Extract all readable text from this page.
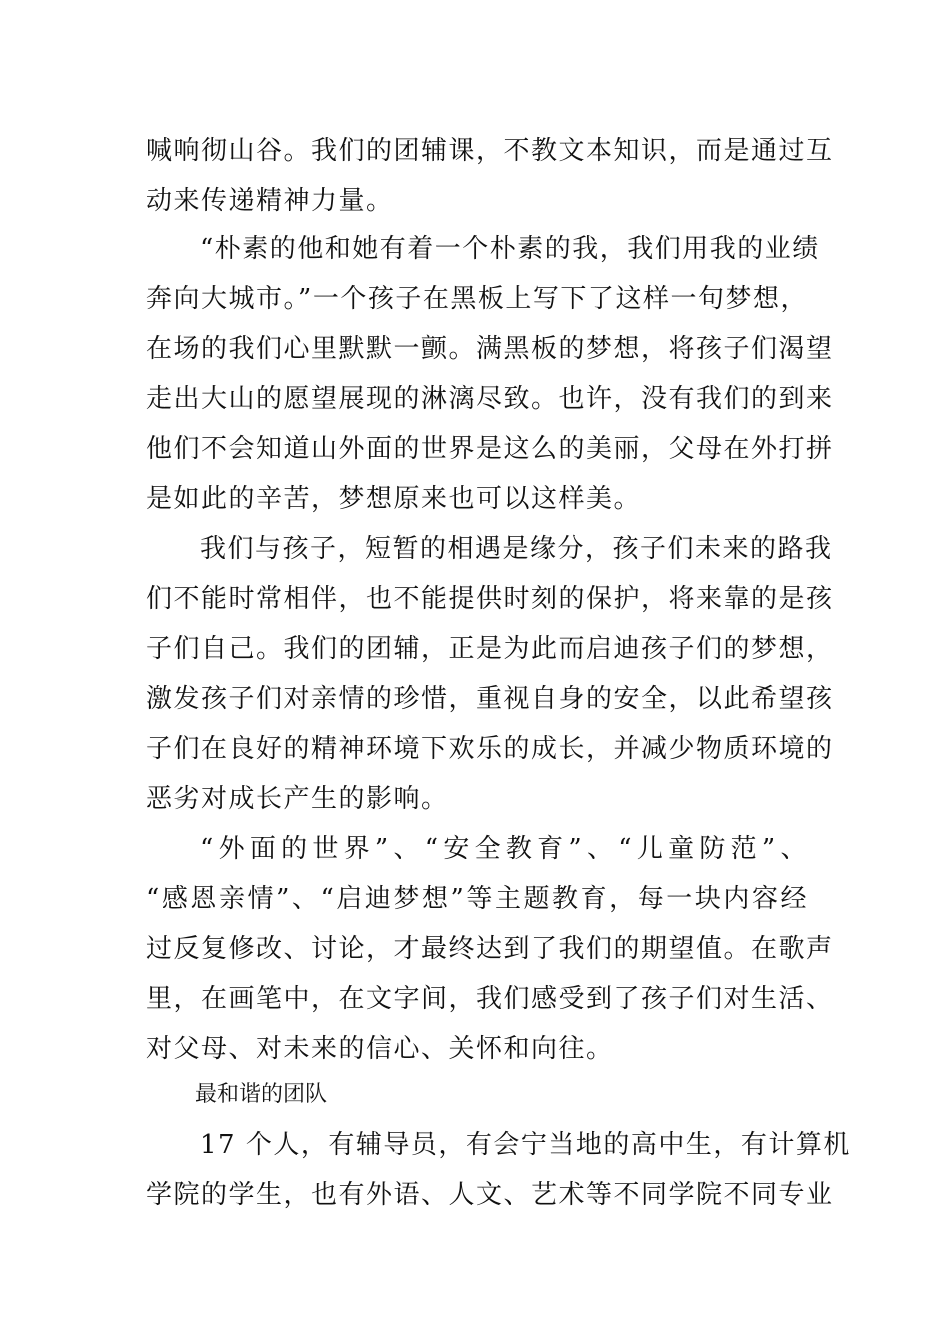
喊响彻山谷。我们的团辅课，不教文本知识，而是通过互
动来传递精神力量。
“朴素的他和她有着一个朴素的我，我们用我的业绩
奔向大城市。”一个孩子在黑板上写下了这样一句梦想，
在场的我们心里默默一颤。满黑板的梦想，将孩子们渴望
走出大山的愿望展现的淋漓尽致。也许，没有我们的到来
他们不会知道山外面的世界是这么的美丽，父母在外打拼
是如此的辛苦，梦想原来也可以这样美。
我们与孩子，短暂的相遇是缘分，孩子们未来的路我
们不能时常相伴，也不能提供时刻的保护，将来靠的是孩
子们自己。我们的团辅，正是为此而启迪孩子们的梦想，
激发孩子们对亲情的珍惜，重视自身的安全，以此希望孩
子们在良好的精神环境下欢乐的成长，并减少物质环境的
恶劣对成长产生的影响。
“外面的世界”、“安全教育”、“儿童防范”、
“感恩亲情”、“启迪梦想”等主题教育，每一块内容经
过反复修改、讨论，才最终达到了我们的期望值。在歌声
里，在画笔中，在文字间，我们感受到了孩子们对生活、
对父母、对未来的信心、关怀和向往。
最和谐的团队
17 个人，有辅导员，有会宁当地的高中生，有计算机
学院的学生，也有外语、人文、艺术等不同学院不同专业
